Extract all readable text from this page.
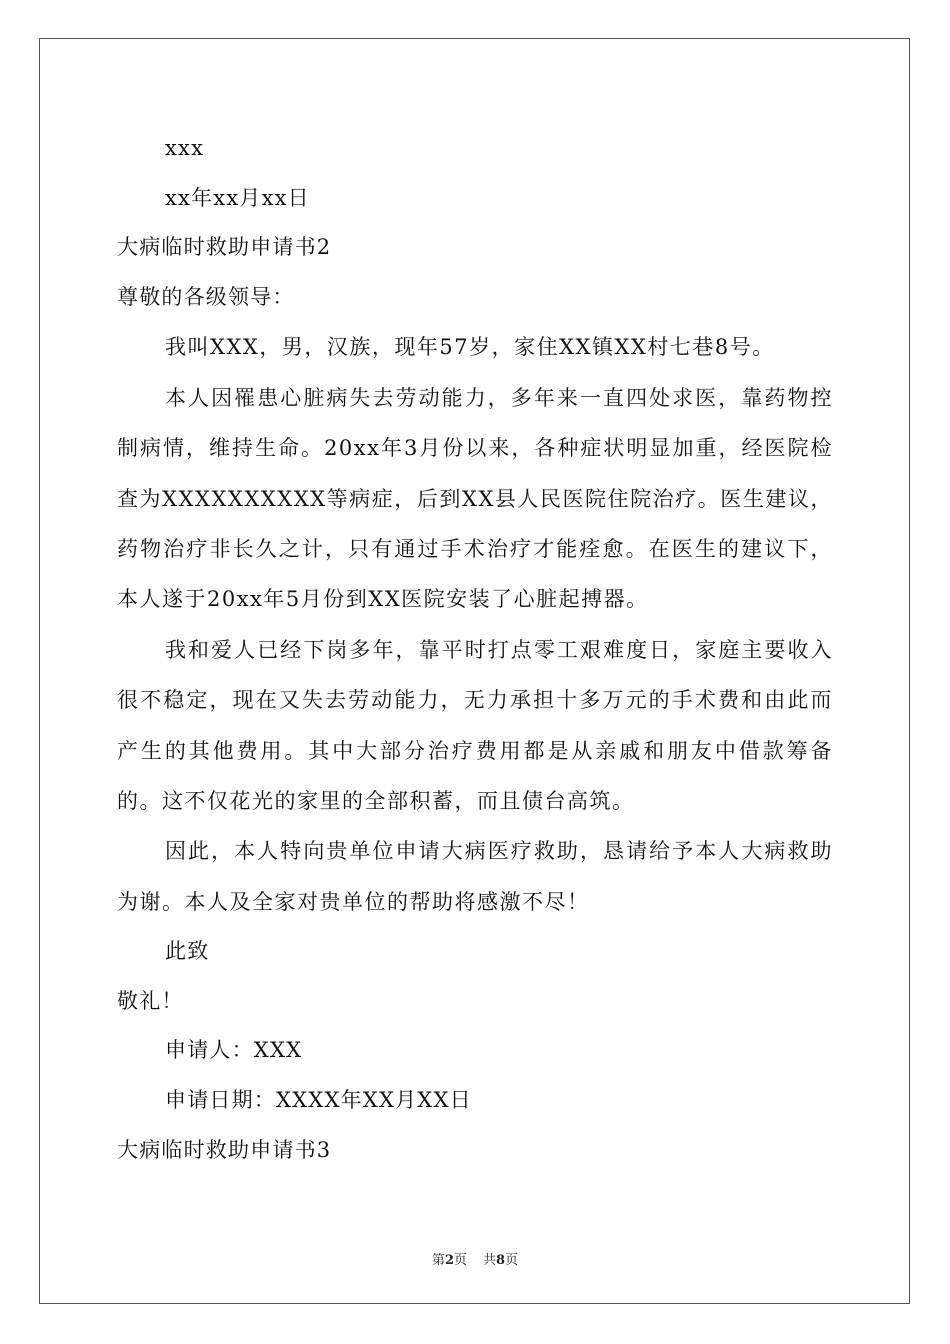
xxx

xx年xx月xx日

大病临时救助申请书2

尊敬的各级领导：

我叫XXX，男，汉族，现年57岁，家住XX镇XX村七巷8号。

本人因罹患心脏病失去劳动能力，多年来一直四处求医，靠药物控制病情，维持生命。20xx年3月份以来，各种症状明显加重，经医院检查为XXXXXXXXXX等病症，后到XX县人民医院住院治疗。医生建议，药物治疗非长久之计，只有通过手术治疗才能痊愈。在医生的建议下，本人遂于20xx年5月份到XX医院安装了心脏起搏器。

我和爱人已经下岗多年，靠平时打点零工艰难度日，家庭主要收入很不稳定，现在又失去劳动能力，无力承担十多万元的手术费和由此而产生的其他费用。其中大部分治疗费用都是从亲戚和朋友中借款筹备的。这不仅花光的家里的全部积蓄，而且债台高筑。

因此，本人特向贵单位申请大病医疗救助，恳请给予本人大病救助为谢。本人及全家对贵单位的帮助将感激不尽！

此致

敬礼！

申请人：XXX

申请日期：XXXX年XX月XX日

大病临时救助申请书3

第2页 共8页
